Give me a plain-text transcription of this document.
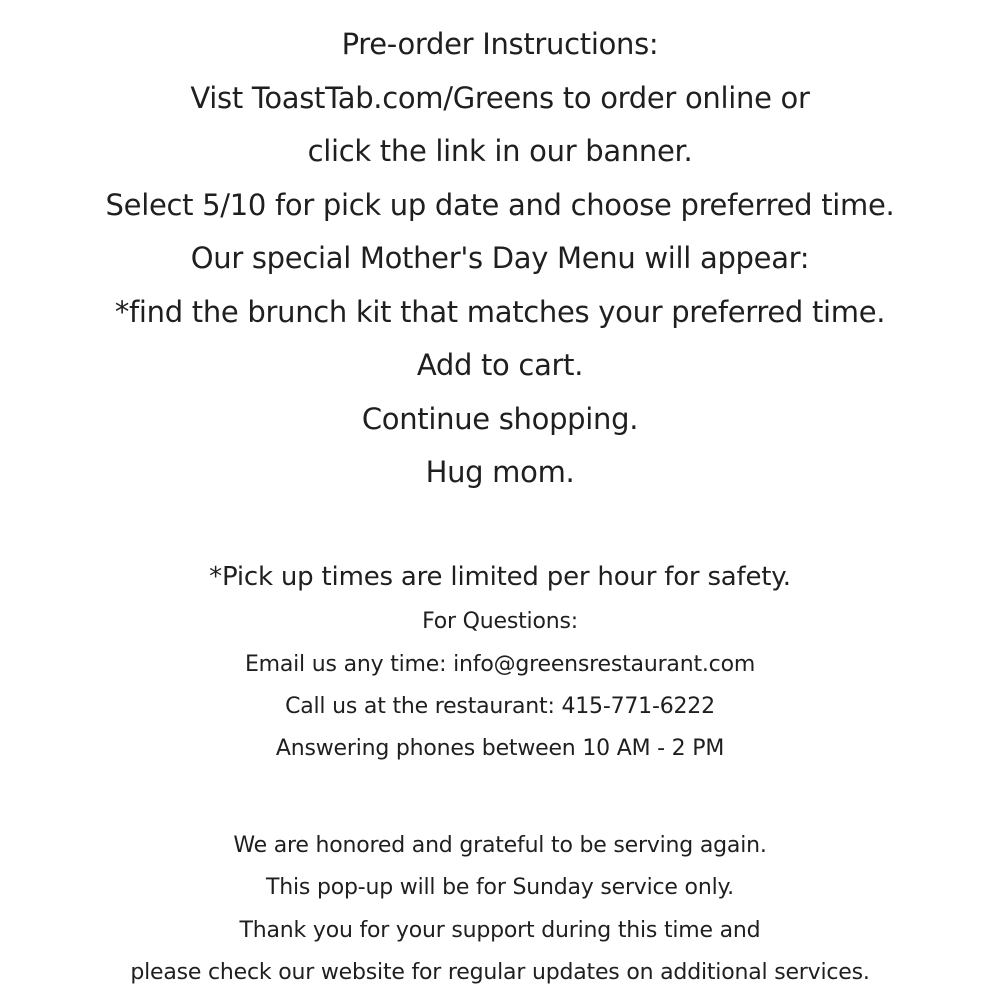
Pre-order Instructions:
Vist ToastTab.com/Greens to order online or
click the link in our banner.
Select 5/10 for pick up date and choose preferred time.
Our special Mother's Day Menu will appear:
*find the brunch kit that matches your preferred time.
Add to cart.
Continue shopping.
Hug mom.
*Pick up times are limited per hour for safety.
For Questions:
Email us any time: info@greensrestaurant.com
Call us at the restaurant: 415-771-6222
Answering phones between 10 AM - 2 PM
We are honored and grateful to be serving again.
This pop-up will be for Sunday service only.
Thank you for your support during this time and
please check our website for regular updates on additional services.
